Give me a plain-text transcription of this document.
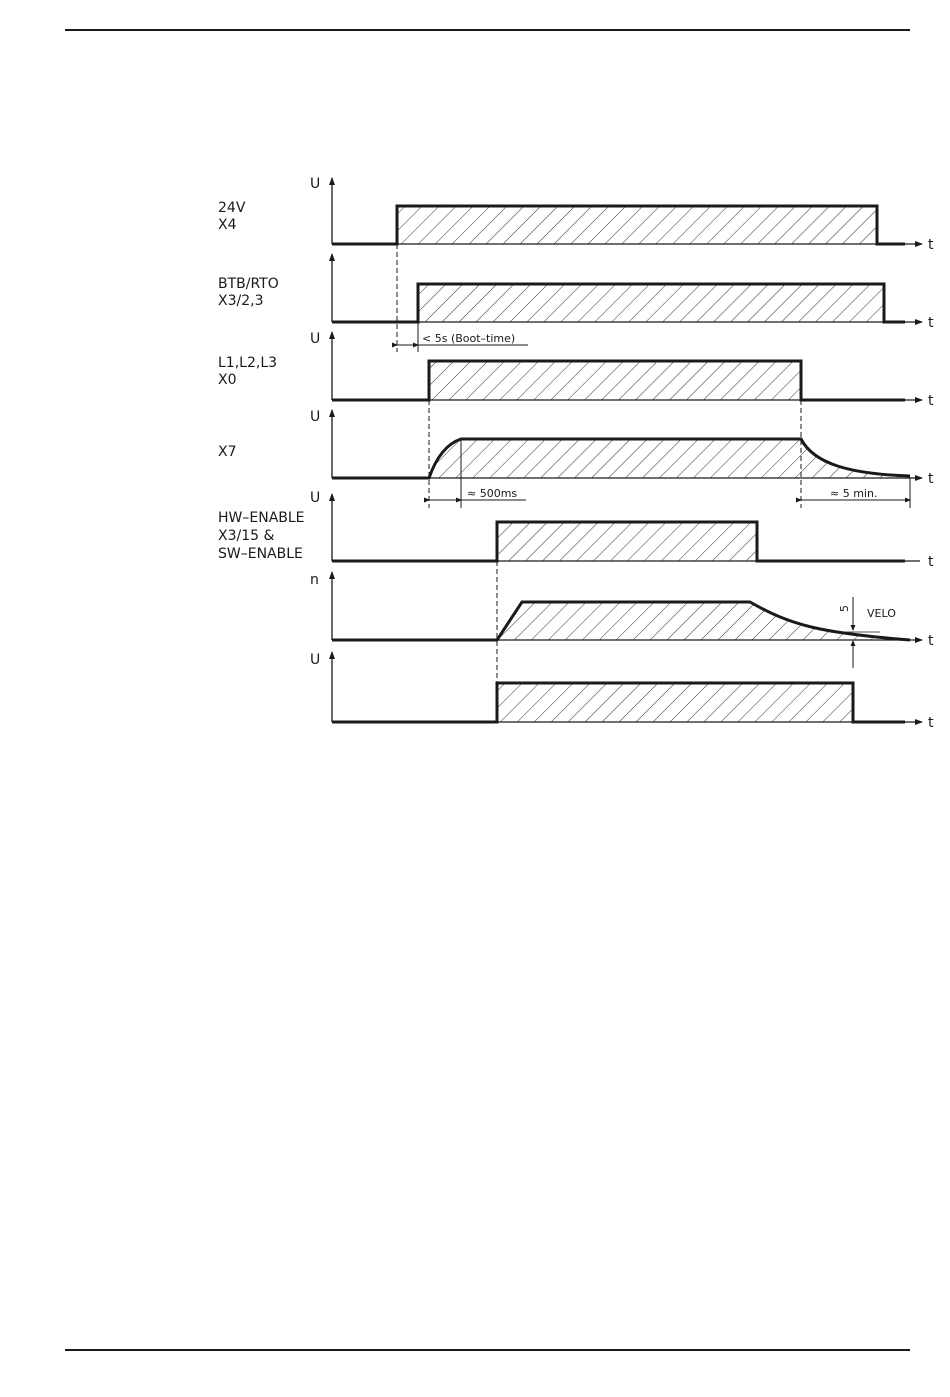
U
t
24V X4
t
BTB/RTO X3/2,3
< 5s (Boot–time)
U
t
L1,L2,L3 X0
U
t
X7
≈ 500ms	≈ 5 min.
U
t
HW–ENABLE X3/15 & SW–ENABLE
n
t
5 VELO
U
t
